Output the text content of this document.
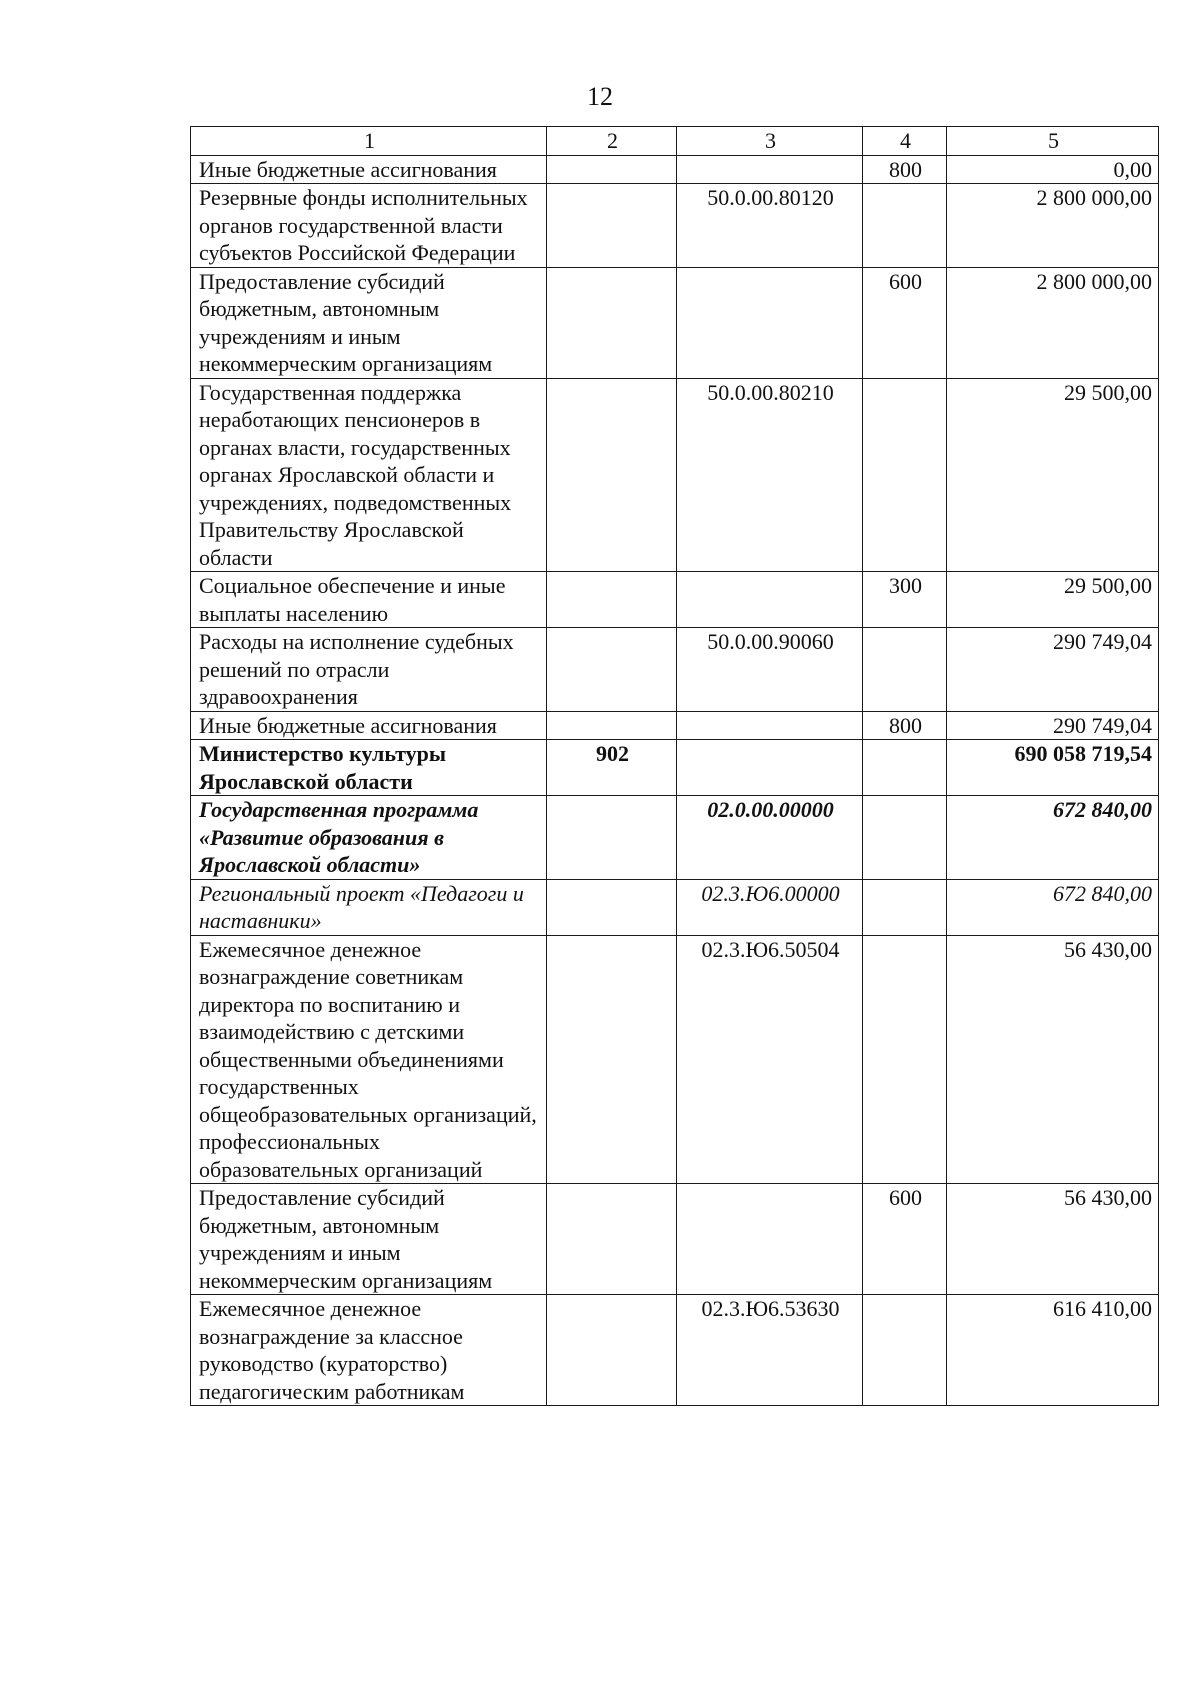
12
1	2	3	4	5
Иные бюджетные ассигнования			800	0,00
Резервные фонды исполнительных органов государственной власти субъектов Российской Федерации		50.0.00.80120		2 800 000,00
Предоставление субсидий бюджетным, автономным учреждениям и иным некоммерческим организациям			600	2 800 000,00
Государственная поддержка неработающих пенсионеров в органах власти, государственных органах Ярославской области и учреждениях, подведомственных Правительству Ярославской области		50.0.00.80210		29 500,00
Социальное обеспечение и иные выплаты населению			300	29 500,00
Расходы на исполнение судебных решений по отрасли здравоохранения		50.0.00.90060		290 749,04
Иные бюджетные ассигнования			800	290 749,04
Министерство культуры Ярославской области	902			690 058 719,54
Государственная программа «Развитие образования в Ярославской области»		02.0.00.00000		672 840,00
Региональный проект «Педагоги и наставники»		02.3.Ю6.00000		672 840,00
Ежемесячное денежное вознаграждение советникам директора по воспитанию и взаимодействию с детскими общественными объединениями государственных общеобразовательных организаций, профессиональных образовательных организаций		02.3.Ю6.50504		56 430,00
Предоставление субсидий бюджетным, автономным учреждениям и иным некоммерческим организациям			600	56 430,00
Ежемесячное денежное вознаграждение за классное руководство (кураторство) педагогическим работникам		02.3.Ю6.53630		616 410,00
